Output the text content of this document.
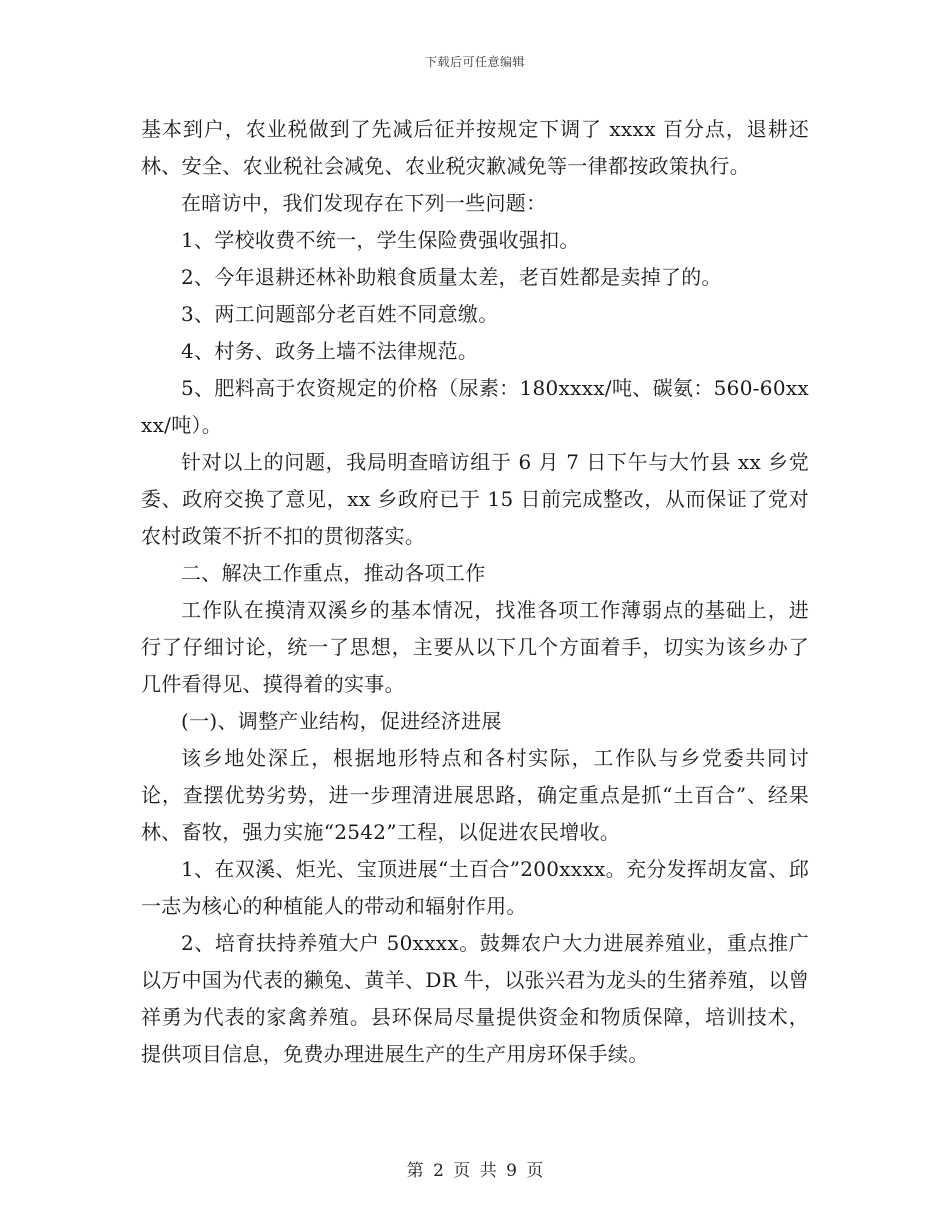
下载后可任意编辑

基本到户，农业税做到了先减后征并按规定下调了 xxxx 百分点，退耕还林、安全、农业税社会减免、农业税灾歉减免等一律都按政策执行。

在暗访中，我们发现存在下列一些问题：

1、学校收费不统一，学生保险费强收强扣。

2、今年退耕还林补助粮食质量太差，老百姓都是卖掉了的。

3、两工问题部分老百姓不同意缴。

4、村务、政务上墙不法律规范。

5、肥料高于农资规定的价格（尿素：180xxxx/吨、碳氨：560-60xxxx/吨）。

针对以上的问题，我局明查暗访组于 6 月 7 日下午与大竹县 xx 乡党委、政府交换了意见，xx 乡政府已于 15 日前完成整改，从而保证了党对农村政策不折不扣的贯彻落实。

二、解决工作重点，推动各项工作

工作队在摸清双溪乡的基本情况，找准各项工作薄弱点的基础上，进行了仔细讨论，统一了思想，主要从以下几个方面着手，切实为该乡办了几件看得见、摸得着的实事。

(一)、调整产业结构，促进经济进展

该乡地处深丘，根据地形特点和各村实际，工作队与乡党委共同讨论，查摆优势劣势，进一步理清进展思路，确定重点是抓“土百合”、经果林、畜牧，强力实施“2542”工程，以促进农民增收。

1、在双溪、炬光、宝顶进展“土百合”200xxxx。充分发挥胡友富、邱一志为核心的种植能人的带动和辐射作用。

2、培育扶持养殖大户 50xxxx。鼓舞农户大力进展养殖业，重点推广以万中国为代表的獭兔、黄羊、DR 牛，以张兴君为龙头的生猪养殖，以曾祥勇为代表的家禽养殖。县环保局尽量提供资金和物质保障，培训技术，提供项目信息，免费办理进展生产的生产用房环保手续。

第 2 页 共 9 页
